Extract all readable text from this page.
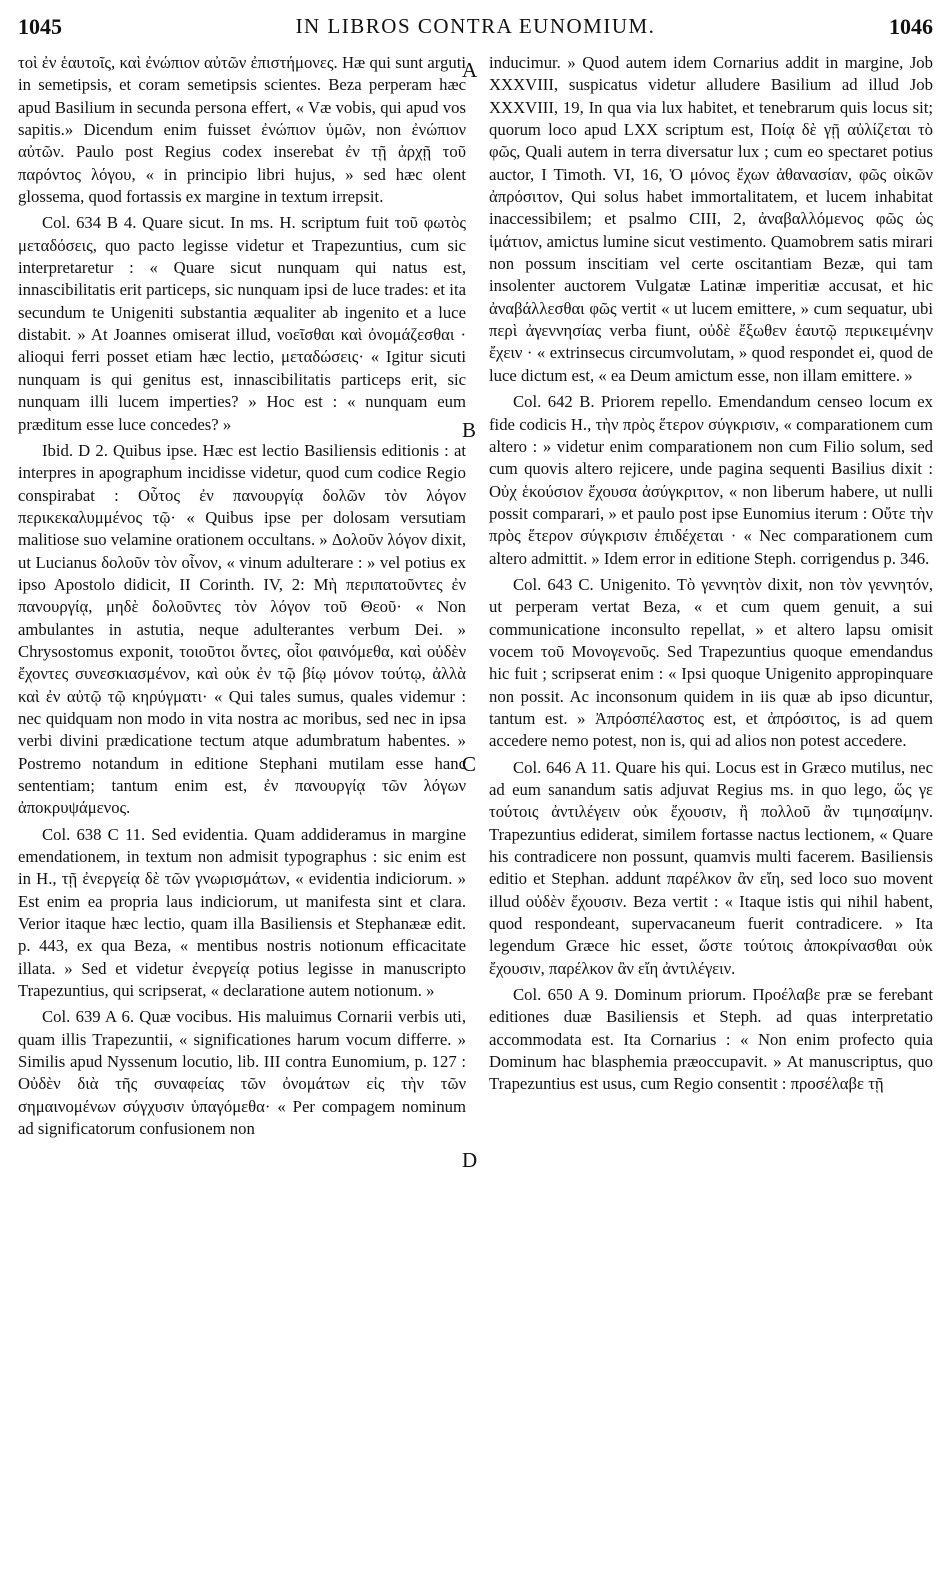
1045	IN LIBROS CONTRA EUNOMIUM.	1046

τοὶ ἐν ἑαυτοῖς, καὶ ἐνώπιον αὐτῶν ἐπιστήμονες. Hæ qui sunt arguti in semetipsis, et coram semetipsis scientes. Beza perperam hæc apud Basilium in secunda persona effert, « Væ vobis, qui apud vos sapitis.» Dicendum enim fuisset ἐνώπιον ὑμῶν, non ἐνώπιον αὐτῶν. Paulo post Regius codex inserebat ἐν τῇ ἀρχῇ τοῦ παρόντος λόγου, « in principio libri hujus, » sed hæc olent glossema, quod fortassis ex margine in textum irrepsit.

Col. 634 B 4. Quare sicut. In ms. H. scriptum fuit τοῦ φωτὸς μεταδόσεις, quo pacto legisse videtur et Trapezuntius, cum sic interpretaretur : « Quare sicut nunquam qui natus est, innascibilitatis erit particeps, sic nunquam ipsi de luce trades: et ita secundum te Unigeniti substantia æqualiter ab ingenito et a luce distabit. » At Joannes omiserat illud, νοεῖσθαι καὶ ὀνομάζεσθαι · alioqui ferri posset etiam hæc lectio, μεταδώσεις· « Igitur sicuti nunquam is qui genitus est, innascibilitatis particeps erit, sic nunquam illi lucem imperties? » Hoc est : « nunquam eum præditum esse luce concedes? »

Ibid. D 2. Quibus ipse. Hæc est lectio Basiliensis editionis : at interpres in apographum incidisse videtur, quod cum codice Regio conspirabat : Οὗτος ἐν πανουργίᾳ δολῶν τὸν λόγον περικεκαλυμμένος τῷ· « Quibus ipse per dolosam versutiam malitiose suo velamine orationem occultans. » Δολοῦν λόγον dixit, ut Lucianus δολοῦν τὸν οἶνον, « vinum adulterare : » vel potius ex ipso Apostolo didicit, II Corinth. IV, 2: Μὴ περιπατοῦντες ἐν πανουργίᾳ, μηδὲ δολοῦντες τὸν λόγον τοῦ Θεοῦ· « Non ambulantes in astutia, neque adulterantes verbum Dei. » Chrysostomus exponit, τοιοῦτοι ὄντες, οἷοι φαινόμεθα, καὶ οὐδὲν ἔχοντες συνεσκιασμένον, καὶ οὐκ ἐν τῷ βίῳ μόνον τούτῳ, ἀλλὰ καὶ ἐν αὐτῷ τῷ κηρύγματι· « Qui tales sumus, quales videmur : nec quidquam non modo in vita nostra ac moribus, sed nec in ipsa verbi divini prædicatione tectum atque adumbratum habentes. » Postremo notandum in editione Stephani mutilam esse hanc sententiam; tantum enim est, ἐν πανουργίᾳ τῶν λόγων ἀποκρυψάμενος.

Col. 638 C 11. Sed evidentia. Quam addideramus in margine emendationem, in textum non admisit typographus : sic enim est in H., τῇ ἐνεργείᾳ δὲ τῶν γνωρισμάτων, « evidentia indiciorum. » Est enim ea propria laus indiciorum, ut manifesta sint et clara. Verior itaque hæc lectio, quam illa Basiliensis et Stephanææ edit. p. 443, ex qua Beza, « mentibus nostris notionum efficacitate illata. » Sed et videtur ἐνεργείᾳ potius legisse in manuscripto Trapezuntius, qui scripserat, « declaratione autem notionum. »

Col. 639 A 6. Quæ vocibus. His maluimus Cornarii verbis uti, quam illis Trapezuntii, « significationes harum vocum differre. » Similis apud Nyssenum locutio, lib. III contra Eunomium, p. 127 : Οὐδὲν διὰ τῆς συναφείας τῶν ὀνομάτων εἰς τὴν τῶν σημαινομένων σύγχυσιν ὑπαγόμεθα· « Per compagem nominum ad significatorum confusionem non

A
B
C
D

inducimur. » Quod autem idem Cornarius addit in margine, Job XXXVIII, suspicatus videtur alludere Basilium ad illud Job XXXVIII, 19, In qua via lux habitet, et tenebrarum quis locus sit; quorum loco apud LXX scriptum est, Ποίᾳ δὲ γῇ αὐλίζεται τὸ φῶς, Quali autem in terra diversatur lux ; cum eo spectaret potius auctor, I Timoth. VI, 16, Ὁ μόνος ἔχων ἀθανασίαν, φῶς οἰκῶν ἀπρόσιτον, Qui solus habet immortalitatem, et lucem inhabitat inaccessibilem; et psalmo CIII, 2, ἀναβαλλόμενος φῶς ὡς ἱμάτιον, amictus lumine sicut vestimento. Quamobrem satis mirari non possum inscitiam vel certe oscitantiam Bezæ, qui tam insolenter auctorem Vulgatæ Latinæ imperitiæ accusat, et hic ἀναβάλλεσθαι φῶς vertit « ut lucem emittere, » cum sequatur, ubi περὶ ἀγεννησίας verba fiunt, οὐδὲ ἔξωθεν ἑαυτῷ περικειμένην ἔχειν · « extrinsecus circumvolutam, » quod respondet ei, quod de luce dictum est, « ea Deum amictum esse, non illam emittere. »

Col. 642 B. Priorem repello. Emendandum censeo locum ex fide codicis H., τὴν πρὸς ἕτερον σύγκρισιν, « comparationem cum altero : » videtur enim comparationem non cum Filio solum, sed cum quovis altero rejicere, unde pagina sequenti Basilius dixit : Οὐχ ἑκούσιον ἔχουσα ἀσύγκριτον, « non liberum habere, ut nulli possit comparari, » et paulo post ipse Eunomius iterum : Οὔτε τὴν πρὸς ἕτερον σύγκρισιν ἐπιδέχεται · « Nec comparationem cum altero admittit. » Idem error in editione Steph. corrigendus p. 346.

Col. 643 C. Unigenito. Τὸ γεννητὸν dixit, non τὸν γεννητόν, ut perperam vertat Beza, « et cum quem genuit, a sui communicatione inconsulto repellat, » et altero lapsu omisit vocem τοῦ Μονογενοῦς. Sed Trapezuntius quoque emendandus hic fuit ; scripserat enim : « Ipsi quoque Unigenito appropinquare non possit. Ac inconsonum quidem in iis quæ ab ipso dicuntur, tantum est. » Ἀπρόσπέλαστος est, et ἀπρόσιτος, is ad quem accedere nemo potest, non is, qui ad alios non potest accedere.

Col. 646 A 11. Quare his qui. Locus est in Græco mutilus, nec ad eum sanandum satis adjuvat Regius ms. in quo lego, ὥς γε τούτοις ἀντιλέγειν οὐκ ἔχουσιν, ἢ πολλοῦ ἂν τιμησαίμην. Trapezuntius ediderat, similem fortasse nactus lectionem, « Quare his contradicere non possunt, quamvis multi facerem. Basiliensis editio et Stephan. addunt παρέλκον ἂν εἴη, sed loco suo movent illud οὐδὲν ἔχουσιν. Beza vertit : « Itaque istis qui nihil habent, quod respondeant, supervacaneum fuerit contradicere. » Ita legendum Græce hic esset, ὥστε τούτοις ἀποκρίνασθαι οὐκ ἔχουσιν, παρέλκον ἂν εἴη ἀντιλέγειν.

Col. 650 A 9. Dominum priorum. Προέλαβε præ se ferebant editiones duæ Basiliensis et Steph. ad quas interpretatio accommodata est. Ita Cornarius : « Non enim profecto quia Dominum hac blasphemia præoccupavit. » At manuscriptus, quo Trapezuntius est usus, cum Regio consentit : προσέλαβε τῇ
